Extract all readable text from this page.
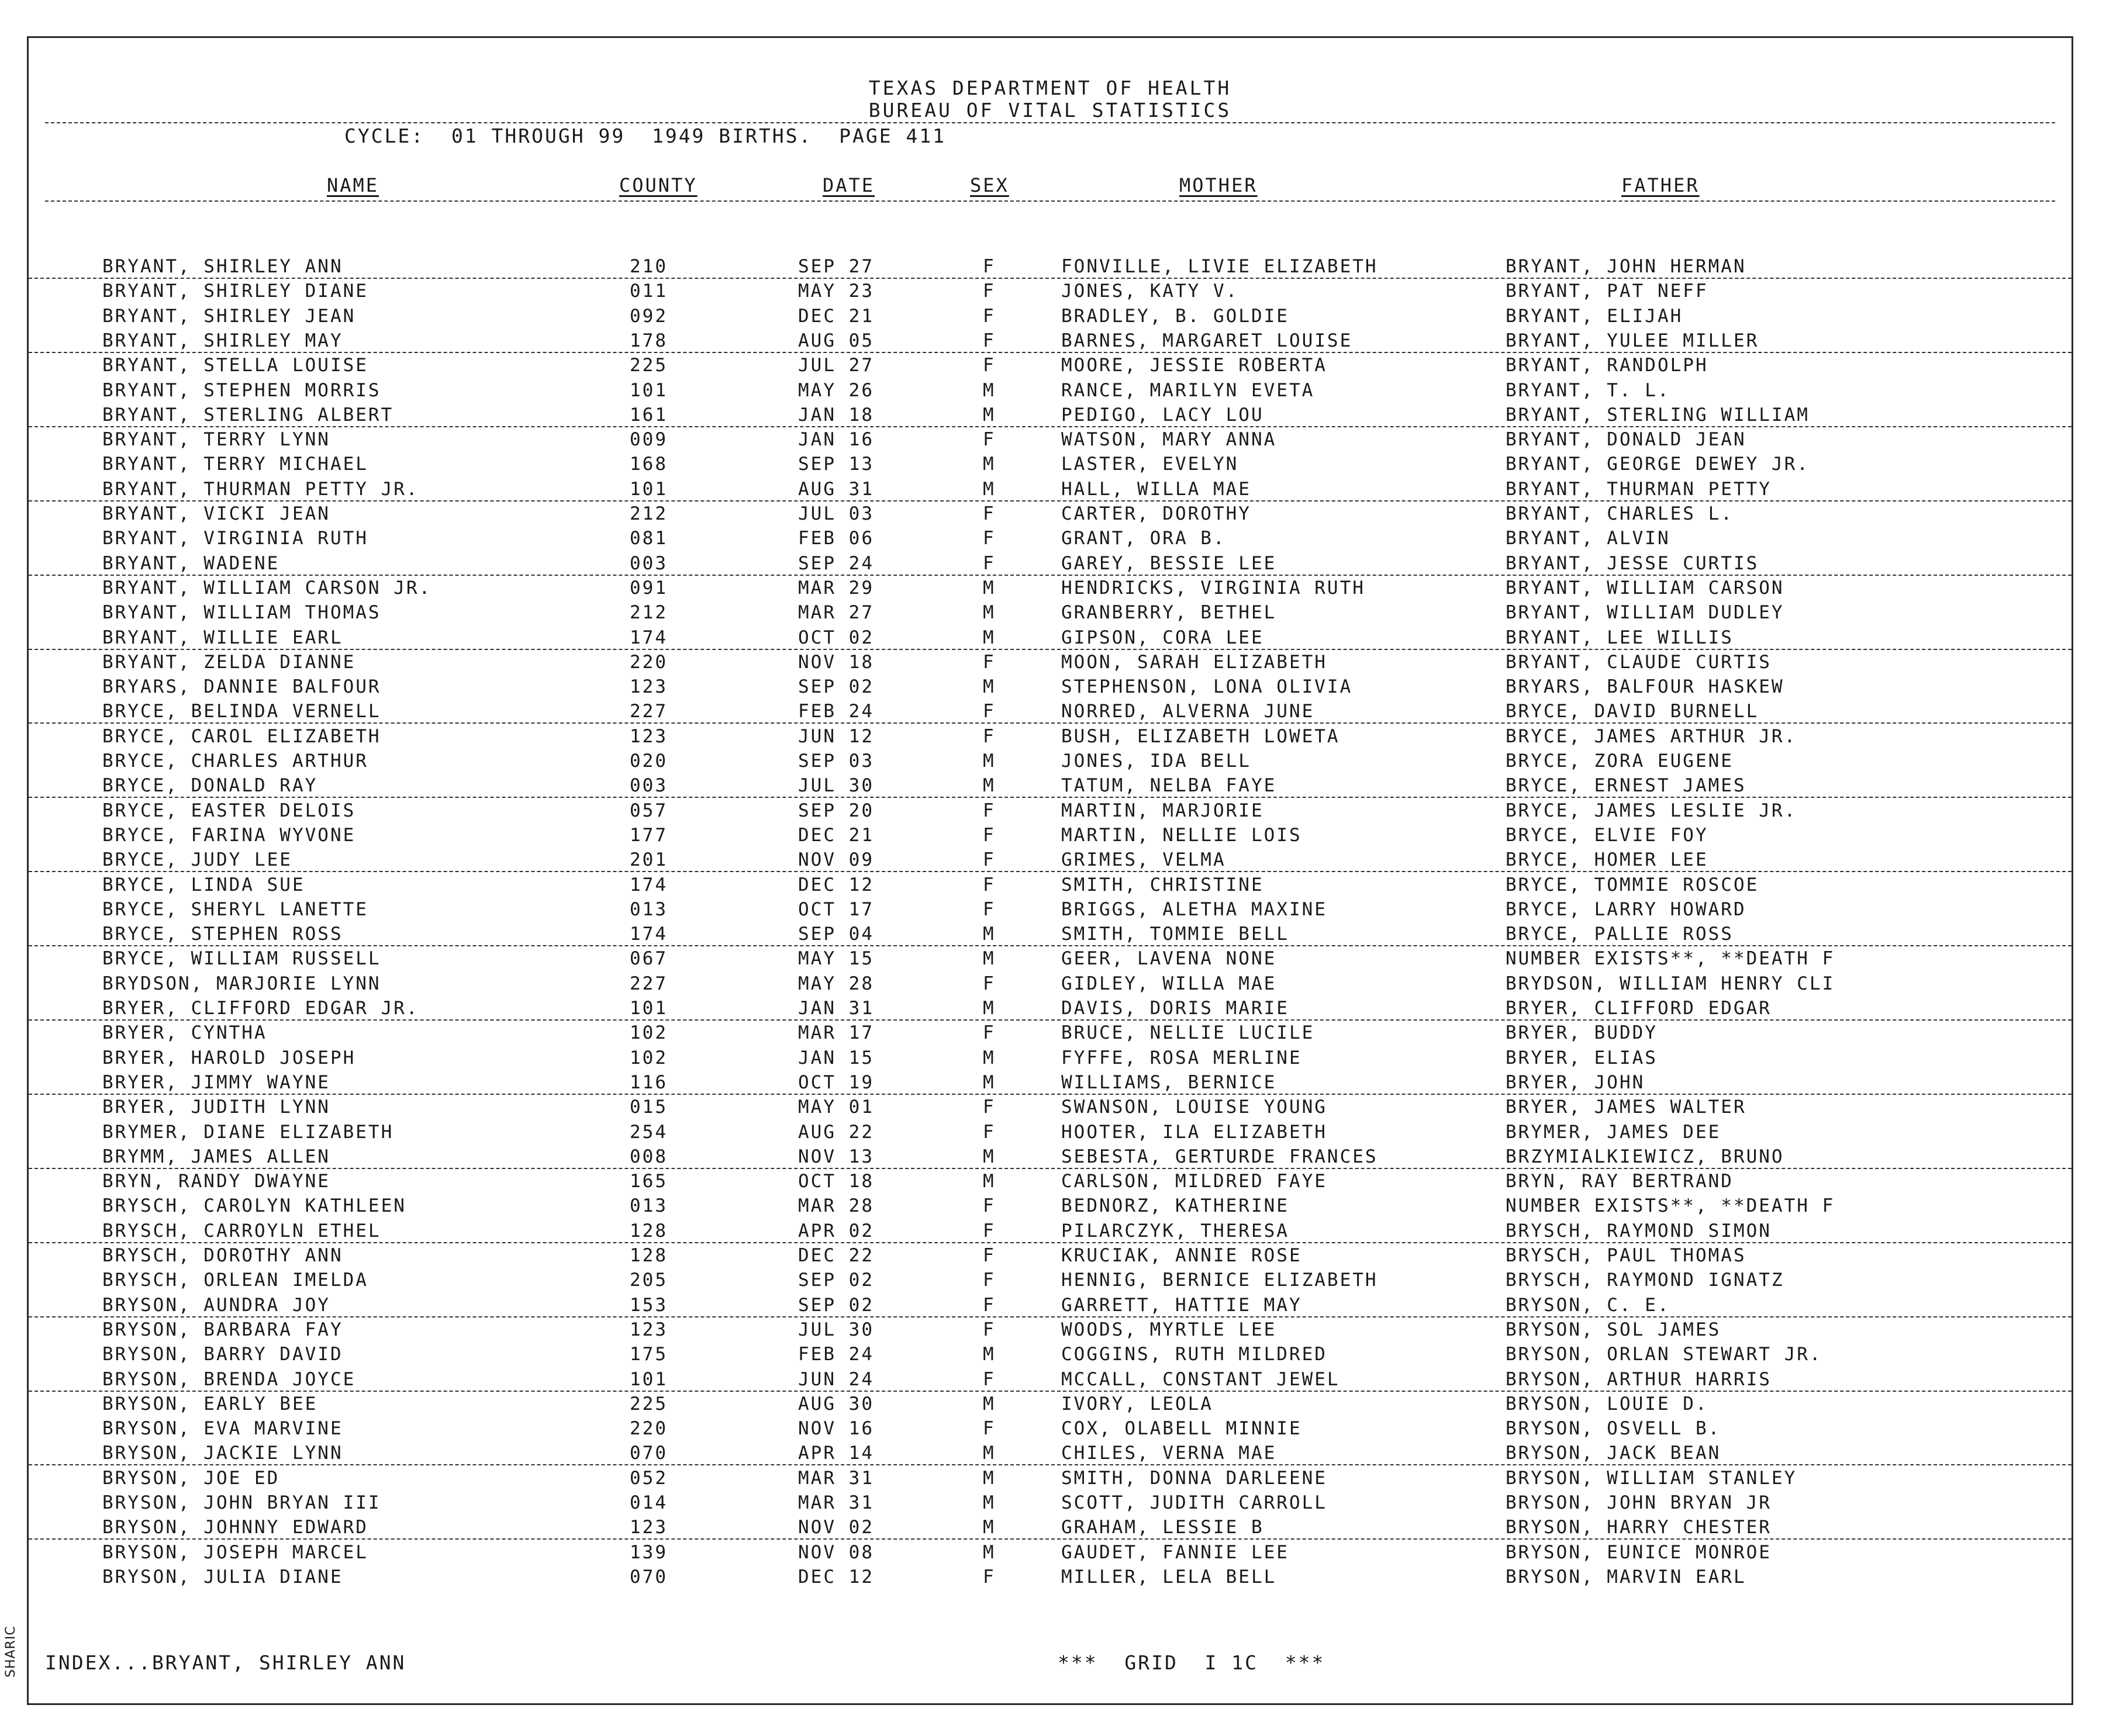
TEXAS DEPARTMENT OF HEALTH
BUREAU OF VITAL STATISTICS
CYCLE:  01 THROUGH 99  1949 BIRTHS.  PAGE 411
NAME	COUNTY	DATE	SEX	MOTHER	FATHER
BRYANT, SHIRLEY ANN	210	SEP 27	F	FONVILLE, LIVIE ELIZABETH	BRYANT, JOHN HERMAN
BRYANT, SHIRLEY DIANE	011	MAY 23	F	JONES, KATY V.	BRYANT, PAT NEFF
BRYANT, SHIRLEY JEAN	092	DEC 21	F	BRADLEY, B. GOLDIE	BRYANT, ELIJAH
BRYANT, SHIRLEY MAY	178	AUG 05	F	BARNES, MARGARET LOUISE	BRYANT, YULEE MILLER
BRYANT, STELLA LOUISE	225	JUL 27	F	MOORE, JESSIE ROBERTA	BRYANT, RANDOLPH
BRYANT, STEPHEN MORRIS	101	MAY 26	M	RANCE, MARILYN EVETA	BRYANT, T. L.
BRYANT, STERLING ALBERT	161	JAN 18	M	PEDIGO, LACY LOU	BRYANT, STERLING WILLIAM
BRYANT, TERRY LYNN	009	JAN 16	F	WATSON, MARY ANNA	BRYANT, DONALD JEAN
BRYANT, TERRY MICHAEL	168	SEP 13	M	LASTER, EVELYN	BRYANT, GEORGE DEWEY JR.
BRYANT, THURMAN PETTY JR.	101	AUG 31	M	HALL, WILLA MAE	BRYANT, THURMAN PETTY
BRYANT, VICKI JEAN	212	JUL 03	F	CARTER, DOROTHY	BRYANT, CHARLES L.
BRYANT, VIRGINIA RUTH	081	FEB 06	F	GRANT, ORA B.	BRYANT, ALVIN
BRYANT, WADENE	003	SEP 24	F	GAREY, BESSIE LEE	BRYANT, JESSE CURTIS
BRYANT, WILLIAM CARSON JR.	091	MAR 29	M	HENDRICKS, VIRGINIA RUTH	BRYANT, WILLIAM CARSON
BRYANT, WILLIAM THOMAS	212	MAR 27	M	GRANBERRY, BETHEL	BRYANT, WILLIAM DUDLEY
BRYANT, WILLIE EARL	174	OCT 02	M	GIPSON, CORA LEE	BRYANT, LEE WILLIS
BRYANT, ZELDA DIANNE	220	NOV 18	F	MOON, SARAH ELIZABETH	BRYANT, CLAUDE CURTIS
BRYARS, DANNIE BALFOUR	123	SEP 02	M	STEPHENSON, LONA OLIVIA	BRYARS, BALFOUR HASKEW
BRYCE, BELINDA VERNELL	227	FEB 24	F	NORRED, ALVERNA JUNE	BRYCE, DAVID BURNELL
BRYCE, CAROL ELIZABETH	123	JUN 12	F	BUSH, ELIZABETH LOWETA	BRYCE, JAMES ARTHUR JR.
BRYCE, CHARLES ARTHUR	020	SEP 03	M	JONES, IDA BELL	BRYCE, ZORA EUGENE
BRYCE, DONALD RAY	003	JUL 30	M	TATUM, NELBA FAYE	BRYCE, ERNEST JAMES
BRYCE, EASTER DELOIS	057	SEP 20	F	MARTIN, MARJORIE	BRYCE, JAMES LESLIE JR.
BRYCE, FARINA WYVONE	177	DEC 21	F	MARTIN, NELLIE LOIS	BRYCE, ELVIE FOY
BRYCE, JUDY LEE	201	NOV 09	F	GRIMES, VELMA	BRYCE, HOMER LEE
BRYCE, LINDA SUE	174	DEC 12	F	SMITH, CHRISTINE	BRYCE, TOMMIE ROSCOE
BRYCE, SHERYL LANETTE	013	OCT 17	F	BRIGGS, ALETHA MAXINE	BRYCE, LARRY HOWARD
BRYCE, STEPHEN ROSS	174	SEP 04	M	SMITH, TOMMIE BELL	BRYCE, PALLIE ROSS
BRYCE, WILLIAM RUSSELL	067	MAY 15	M	GEER, LAVENA NONE	NUMBER EXISTS**, **DEATH F
BRYDSON, MARJORIE LYNN	227	MAY 28	F	GIDLEY, WILLA MAE	BRYDSON, WILLIAM HENRY CLI
BRYER, CLIFFORD EDGAR JR.	101	JAN 31	M	DAVIS, DORIS MARIE	BRYER, CLIFFORD EDGAR
BRYER, CYNTHA	102	MAR 17	F	BRUCE, NELLIE LUCILE	BRYER, BUDDY
BRYER, HAROLD JOSEPH	102	JAN 15	M	FYFFE, ROSA MERLINE	BRYER, ELIAS
BRYER, JIMMY WAYNE	116	OCT 19	M	WILLIAMS, BERNICE	BRYER, JOHN
BRYER, JUDITH LYNN	015	MAY 01	F	SWANSON, LOUISE YOUNG	BRYER, JAMES WALTER
BRYMER, DIANE ELIZABETH	254	AUG 22	F	HOOTER, ILA ELIZABETH	BRYMER, JAMES DEE
BRYMM, JAMES ALLEN	008	NOV 13	M	SEBESTA, GERTURDE FRANCES	BRZYMIALKIEWICZ, BRUNO
BRYN, RANDY DWAYNE	165	OCT 18	M	CARLSON, MILDRED FAYE	BRYN, RAY BERTRAND
BRYSCH, CAROLYN KATHLEEN	013	MAR 28	F	BEDNORZ, KATHERINE	NUMBER EXISTS**, **DEATH F
BRYSCH, CARROYLN ETHEL	128	APR 02	F	PILARCZYK, THERESA	BRYSCH, RAYMOND SIMON
BRYSCH, DOROTHY ANN	128	DEC 22	F	KRUCIAK, ANNIE ROSE	BRYSCH, PAUL THOMAS
BRYSCH, ORLEAN IMELDA	205	SEP 02	F	HENNIG, BERNICE ELIZABETH	BRYSCH, RAYMOND IGNATZ
BRYSON, AUNDRA JOY	153	SEP 02	F	GARRETT, HATTIE MAY	BRYSON, C. E.
BRYSON, BARBARA FAY	123	JUL 30	F	WOODS, MYRTLE LEE	BRYSON, SOL JAMES
BRYSON, BARRY DAVID	175	FEB 24	M	COGGINS, RUTH MILDRED	BRYSON, ORLAN STEWART JR.
BRYSON, BRENDA JOYCE	101	JUN 24	F	MCCALL, CONSTANT JEWEL	BRYSON, ARTHUR HARRIS
BRYSON, EARLY BEE	225	AUG 30	M	IVORY, LEOLA	BRYSON, LOUIE D.
BRYSON, EVA MARVINE	220	NOV 16	F	COX, OLABELL MINNIE	BRYSON, OSVELL B.
BRYSON, JACKIE LYNN	070	APR 14	M	CHILES, VERNA MAE	BRYSON, JACK BEAN
BRYSON, JOE ED	052	MAR 31	M	SMITH, DONNA DARLEENE	BRYSON, WILLIAM STANLEY
BRYSON, JOHN BRYAN III	014	MAR 31	M	SCOTT, JUDITH CARROLL	BRYSON, JOHN BRYAN JR
BRYSON, JOHNNY EDWARD	123	NOV 02	M	GRAHAM, LESSIE B	BRYSON, HARRY CHESTER
BRYSON, JOSEPH MARCEL	139	NOV 08	M	GAUDET, FANNIE LEE	BRYSON, EUNICE MONROE
BRYSON, JULIA DIANE	070	DEC 12	F	MILLER, LELA BELL	BRYSON, MARVIN EARL
INDEX...BRYANT, SHIRLEY ANN	***  GRID  I 1C  ***
SHARIC
